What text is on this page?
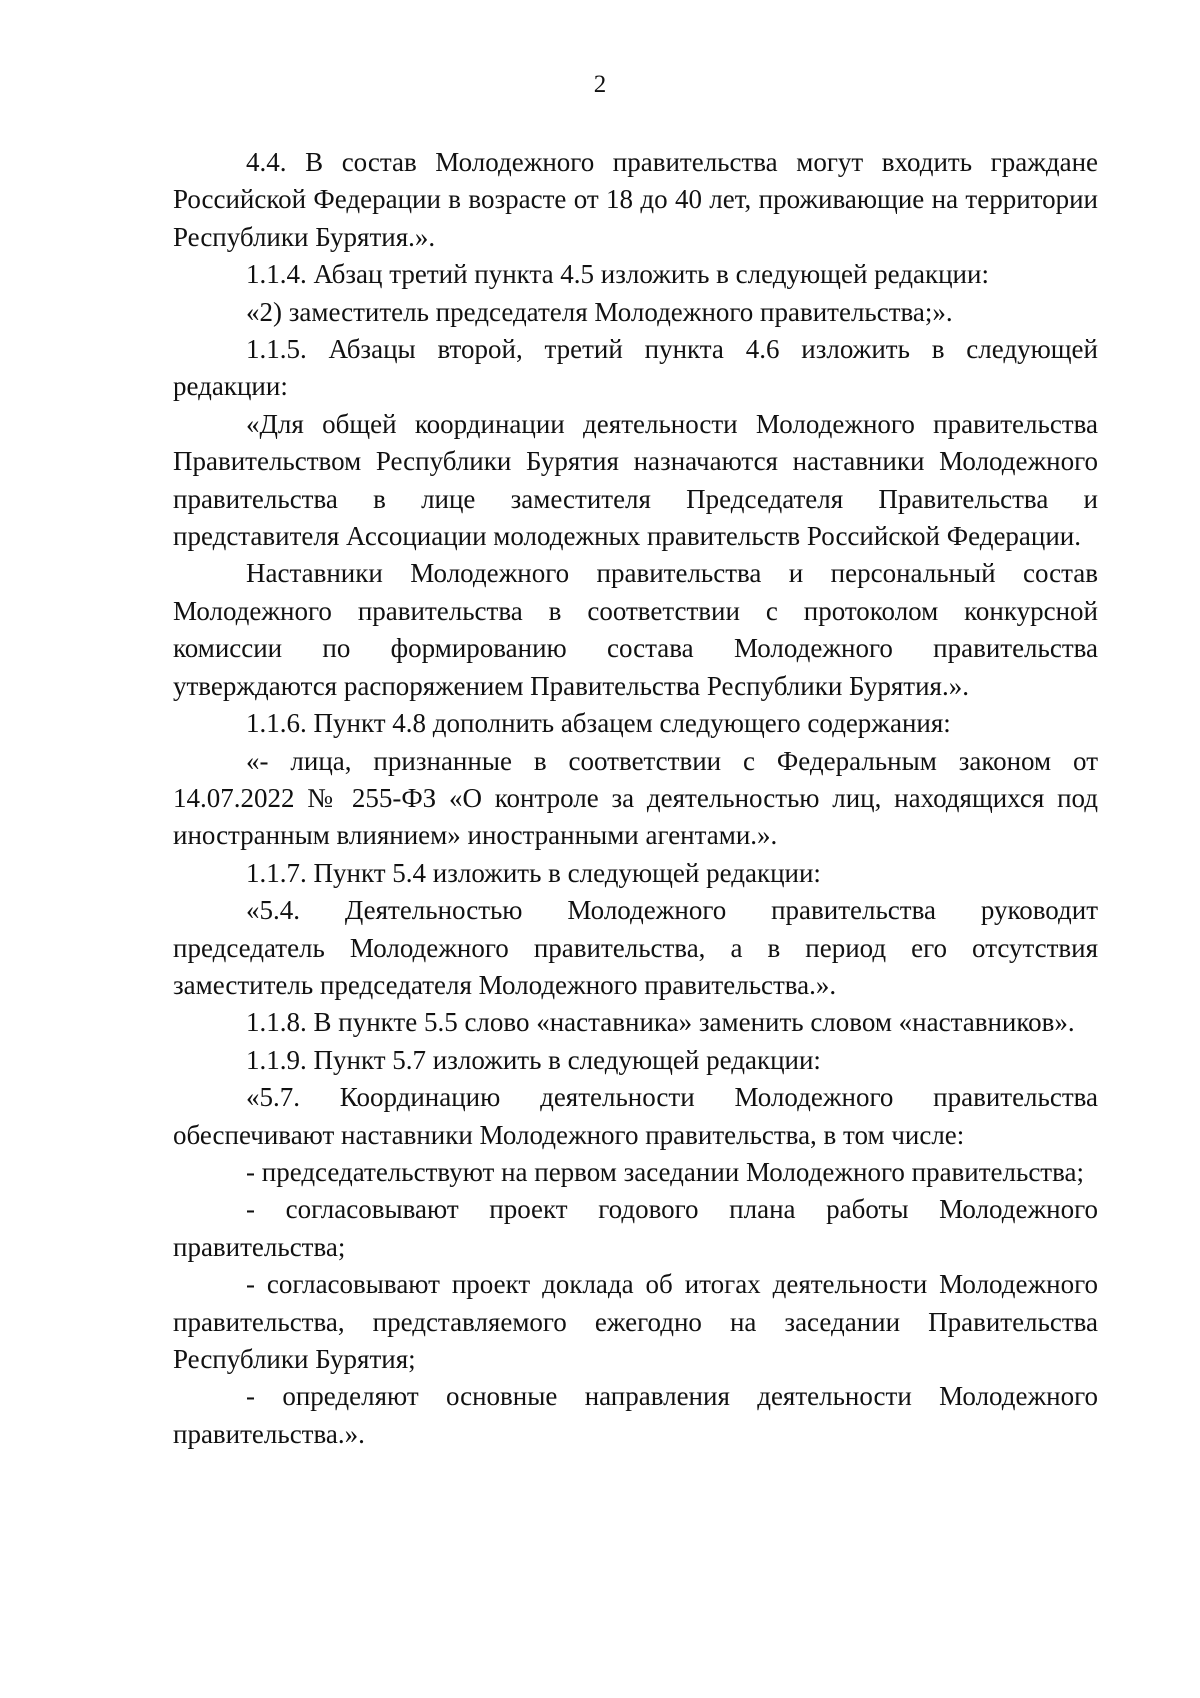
2

4.4. В состав Молодежного правительства могут входить граждане Российской Федерации в возрасте от 18 до 40 лет, проживающие на территории Республики Бурятия.».

1.1.4. Абзац третий пункта 4.5 изложить в следующей редакции:

«2) заместитель председателя Молодежного правительства;».

1.1.5. Абзацы второй, третий пункта 4.6 изложить в следующей редакции:

«Для общей координации деятельности Молодежного правительства Правительством Республики Бурятия назначаются наставники Молодежного правительства в лице заместителя Председателя Правительства и представителя Ассоциации молодежных правительств Российской Федерации.

Наставники Молодежного правительства и персональный состав Молодежного правительства в соответствии с протоколом конкурсной комиссии по формированию состава Молодежного правительства утверждаются распоряжением Правительства Республики Бурятия.».

1.1.6. Пункт 4.8 дополнить абзацем следующего содержания:

«- лица, признанные в соответствии с Федеральным законом от 14.07.2022 № 255-ФЗ «О контроле за деятельностью лиц, находящихся под иностранным влиянием» иностранными агентами.».

1.1.7. Пункт 5.4 изложить в следующей редакции:

«5.4. Деятельностью Молодежного правительства руководит председатель Молодежного правительства, а в период его отсутствия заместитель председателя Молодежного правительства.».

1.1.8. В пункте 5.5 слово «наставника» заменить словом «наставников».

1.1.9. Пункт 5.7 изложить в следующей редакции:

«5.7. Координацию деятельности Молодежного правительства обеспечивают наставники Молодежного правительства, в том числе:

- председательствуют на первом заседании Молодежного правительства;

- согласовывают проект годового плана работы Молодежного правительства;

- согласовывают проект доклада об итогах деятельности Молодежного правительства, представляемого ежегодно на заседании Правительства Республики Бурятия;

- определяют основные направления деятельности Молодежного правительства.».
